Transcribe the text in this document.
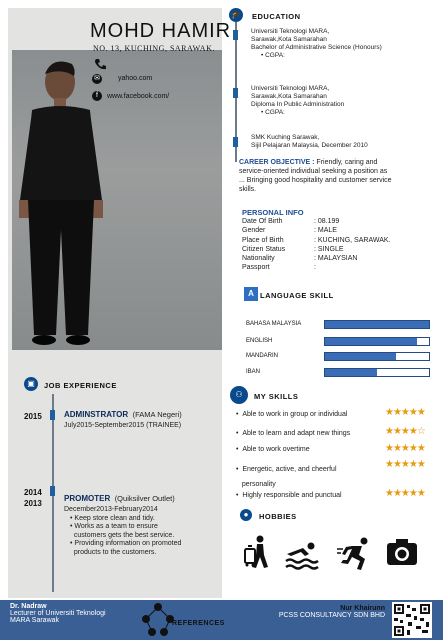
MOHD HAMIR
NO. 13, KUCHING, SARAWAK.
✉	yahoo.com
f	www.facebook.com/
▣	JOB EXPERIENCE
2015	ADMINSTRATOR (FAMA Negeri)
July2015-September2015 (TRAINEE)
2014
2013
PROMOTER (Quiksilver Outlet)
December2013-February2014
• Keep store clean and tidy.
• Works as a team to ensure
customers gets the best service.
• Providing information on promoted
products to the customers.
🎓 EDUCATION
Universiti Teknologi MARA,
Sarawak,Kota Samarahan
Bachelor of Administrative Science (Honours)
• CGPA:
Universiti Teknologi MARA,
Sarawak,Kota Samarahan
Diploma In Public Administration
• CGPA:
SMK Kuching Sarawak,
Sijil Pelajaran Malaysia, December 2010
CAREER OBJECTIVE : Friendly, caring and
service-oriented individual seeking a position as
... Bringing good hospitality and customer service
skills.
PERSONAL INFO
Date Of Birth	: 08.199
Gender	: MALE
Place of Birth	: KUCHING, SARAWAK.
Citizen Status	: SINGLE
Nationality	: MALAYSIAN
Passport	:
A LANGUAGE SKILL
BAHASA MALAYSIA
ENGLISH
MANDARIN
IBAN
⚇	MY SKILLS
•  Able to work in group or individual	★★★★★
•  Able to learn and adapt new things	★★★★☆
•  Able to work overtime	★★★★★
•  Energetic, active, and cheerful
personality
★★★★★
•  Highly responsible and punctual	★★★★★
●	HOBBIES
Dr. Nadraw
Lecturer of Universiti Teknologi
MARA Sarawak	REFERENCES
Nur Khairunn
PCSS CONSULTANCY SDN BHD
